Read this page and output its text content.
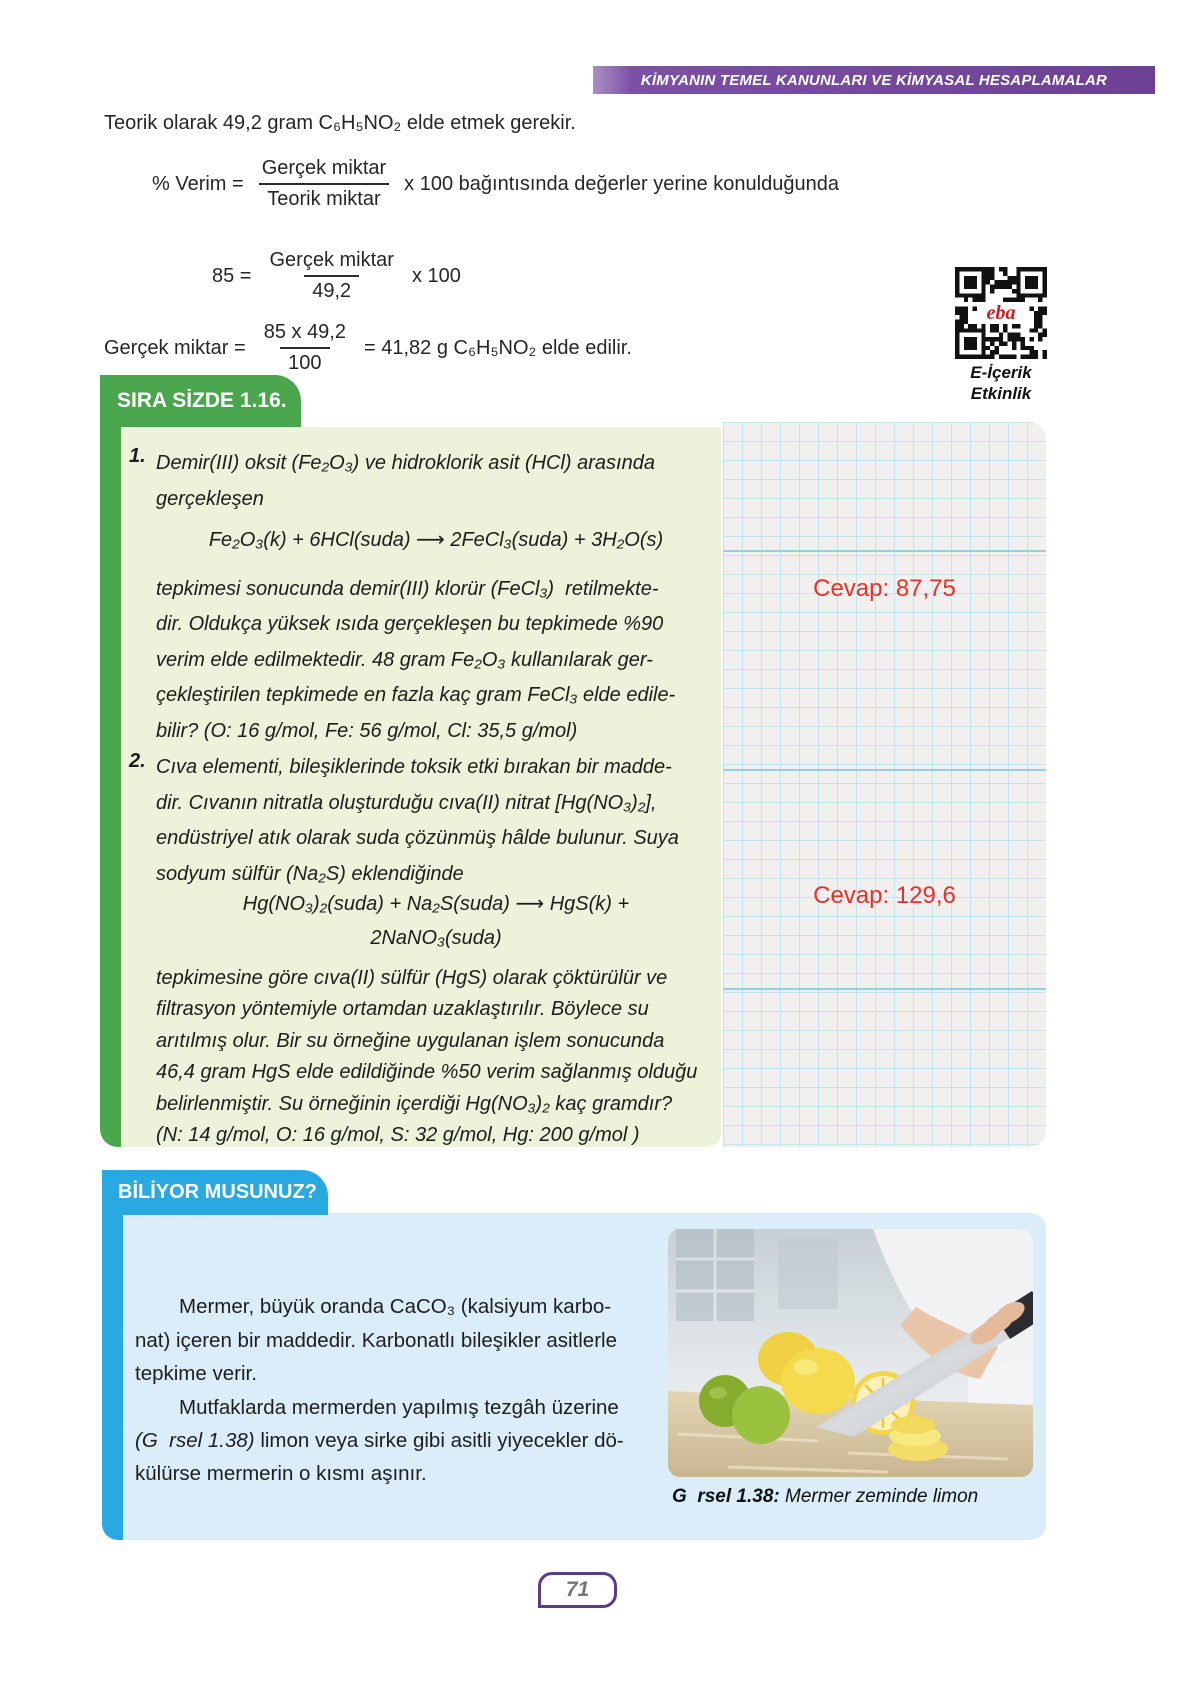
KİMYANIN TEMEL KANUNLARI VE KİMYASAL HESAPLAMALAR
Teorik olarak 49,2 gram C₆H₅NO₂ elde etmek gerekir.
% Verim = $\frac{\text{Gerçek miktar}}{\text{Teorik miktar}}$ x 100 bağıntısında değerler yerine konulduğunda
$85 = \frac{\text{Gerçek miktar}}{49,2}$ x 100
Gerçek miktar = $\frac{85 x 49,2}{100} = 41,82$ g C₆H₅NO₂ elde edilir.
eba
E-İçerik
Etkinlik
SIRA SİZDE 1.16.
1. Demir(III) oksit (Fe₂O₃) ve hidroklorik asit (HCl) arasında
gerçekleşen
Fe₂O₃(k) + 6HCl(suda) ⟶ 2FeCl₃(suda) + 3H₂O(s)
tepkimesi sonucunda demir(III) klorür (FeCl₃)  retilmekte-
dir. Oldukça yüksek ısıda gerçekleşen bu tepkimede %90
verim elde edilmektedir. 48 gram Fe₂O₃ kullanılarak ger-
çekleştirilen tepkimede en fazla kaç gram FeCl₃ elde edile-
bilir? (O: 16 g/mol, Fe: 56 g/mol, Cl: 35,5 g/mol)
2. Cıva elementi, bileşiklerinde toksik etki bırakan bir madde-
dir. Cıvanın nitratla oluşturduğu cıva(II) nitrat [Hg(NO₃)₂],
endüstriyel atık olarak suda çözünmüş hâlde bulunur. Suya
sodyum sülfür (Na₂S) eklendiğinde
Hg(NO₃)₂(suda) + Na₂S(suda) ⟶ HgS(k) +
2NaNO₃(suda)
tepkimesine göre cıva(II) sülfür (HgS) olarak çöktürülür ve
filtrasyon yöntemiyle ortamdan uzaklaştırılır. Böylece su
arıtılmış olur. Bir su örneğine uygulanan işlem sonucunda
46,4 gram HgS elde edildiğinde %50 verim sağlanmış olduğu
belirlenmiştir. Su örneğinin içerdiği Hg(NO₃)₂ kaç gramdır?
(N: 14 g/mol, O: 16 g/mol, S: 32 g/mol, Hg: 200 g/mol )
Cevap: 87,75
Cevap: 129,6
BİLİYOR MUSUNUZ?
Mermer, büyük oranda CaCO₃ (kalsiyum karbo-
nat) içeren bir maddedir. Karbonatlı bileşikler asitlerle
tepkime verir.
Mutfaklarda mermerden yapılmış tezgâh üzerine
(G  rsel 1.38) limon veya sirke gibi asitli yiyecekler dö-
külürse mermerin o kısmı aşınır.
G  rsel 1.38: Mermer zeminde limon
71
